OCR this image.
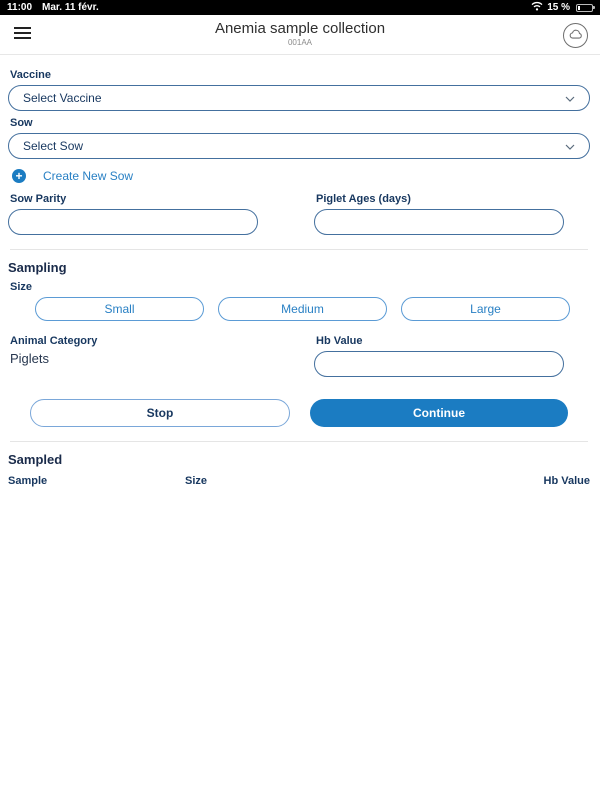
11:00 Mar. 11 févr.	15 %
Anemia sample collection
001AA
Vaccine
Select Vaccine
Sow
Select Sow
+ Create New Sow
Sow Parity	Piglet Ages (days)
Sampling
Size
Small	Medium	Large
Animal Category
Piglets
Hb Value
Stop	Continue
Sampled
Sample	Size	Hb Value
